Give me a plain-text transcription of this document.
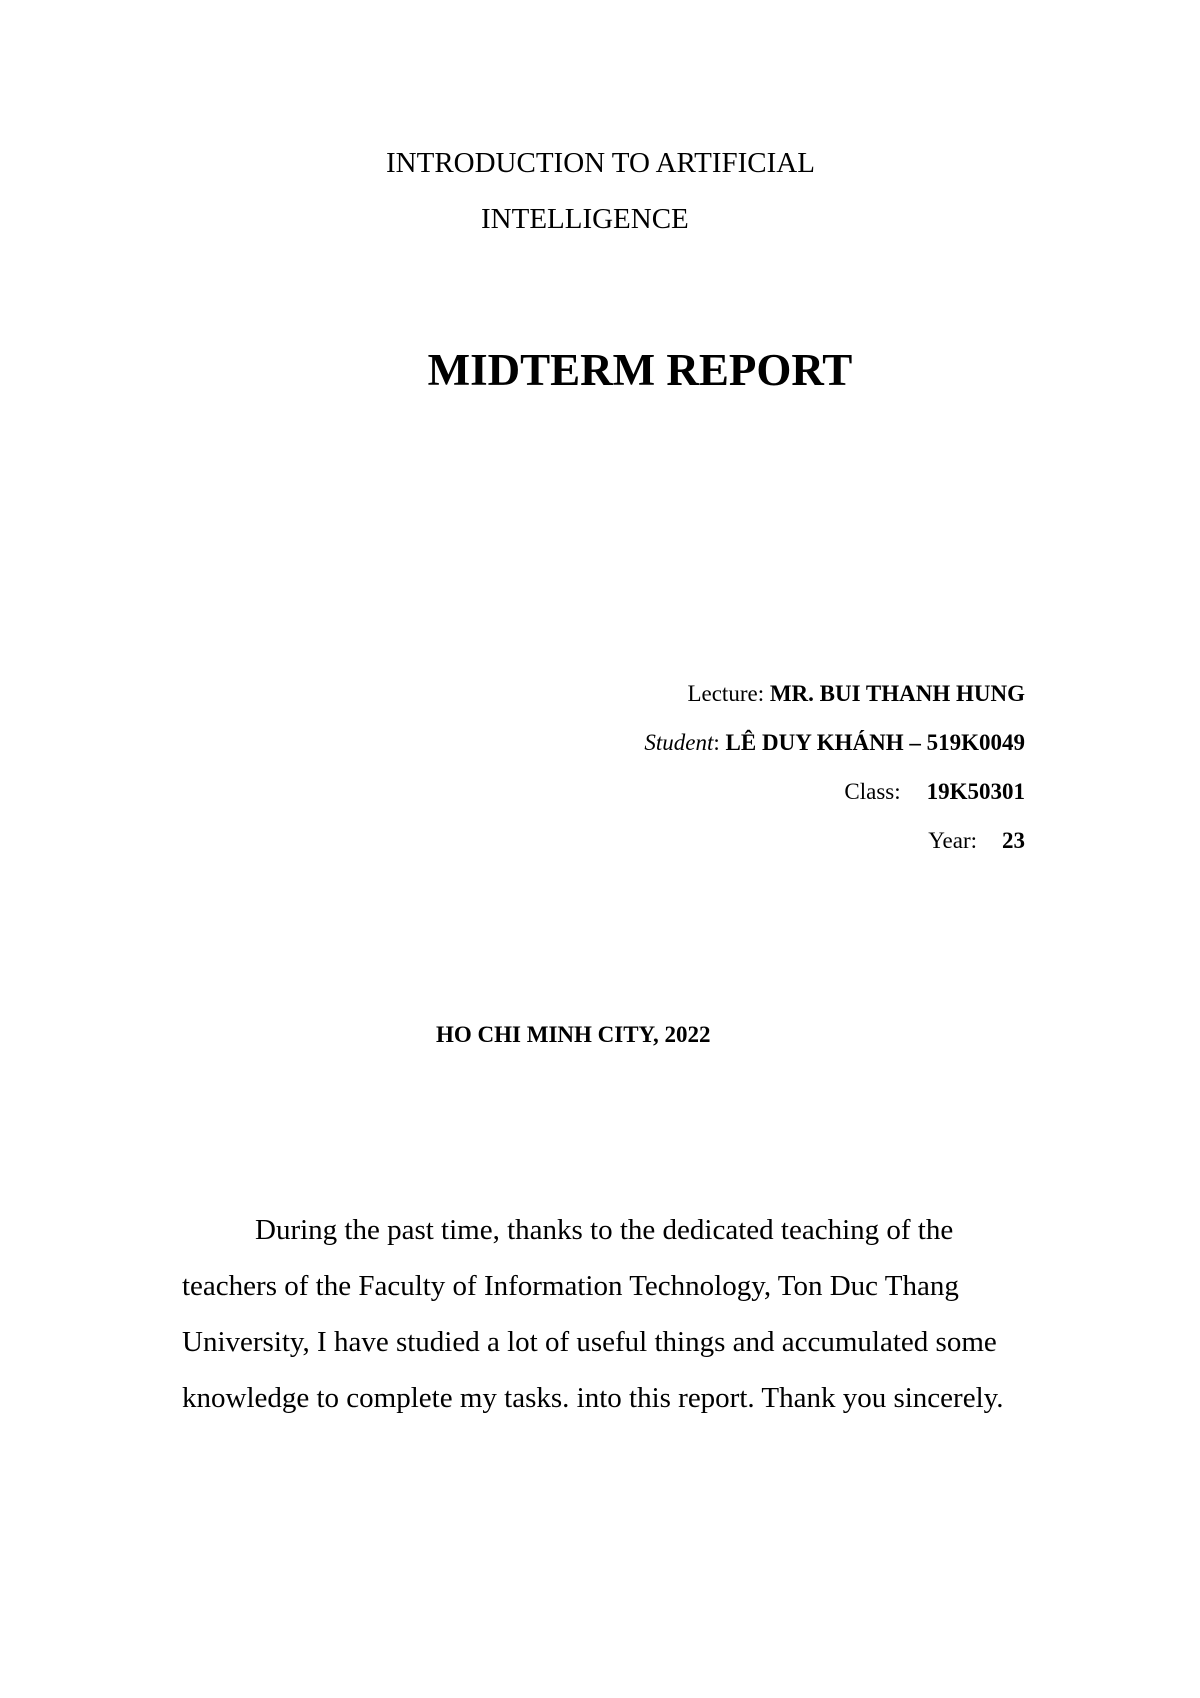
INTRODUCTION TO ARTIFICIAL
INTELLIGENCE
MIDTERM REPORT
Lecture: MR. BUI THANH HUNG
Student: LÊ DUY KHÁNH – 519K0049
Class: 19K50301
Year: 23
HO CHI MINH CITY, 2022

During the past time, thanks to the dedicated teaching of the teachers of the Faculty of Information Technology, Ton Duc Thang University, I have studied a lot of useful things and accumulated some knowledge to complete my tasks. into this report. Thank you sincerely.
